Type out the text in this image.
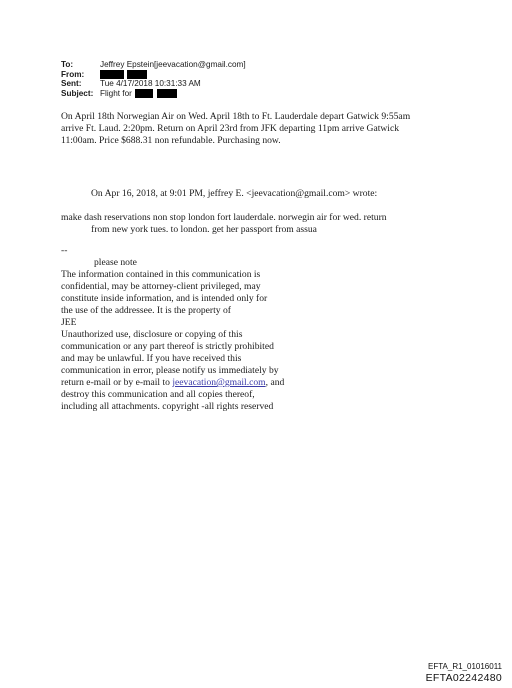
To:	Jeffrey Epstein[jeevacation@gmail.com]
From:
Sent:	Tue 4/17/2018 10:31:33 AM
Subject: Flight for
On April 18th Norwegian Air on Wed. April 18th to Ft. Lauderdale depart Gatwick 9:55am
arrive Ft. Laud. 2:20pm. Return on April 23rd from JFK departing 11pm arrive Gatwick
11:00am. Price $688.31 non refundable. Purchasing now.
On Apr 16, 2018, at 9:01 PM, jeffrey E. <jeevacation@gmail.com> wrote:
make dash reservations non stop london fort lauderdale. norwegin air for wed. return
from new york tues. to london. get her passport from assua
--
please note
The information contained in this communication is
confidential, may be attorney-client privileged, may
constitute inside information, and is intended only for
the use of the addressee. It is the property of
JEE
Unauthorized use, disclosure or copying of this
communication or any part thereof is strictly prohibited
and may be unlawful. If you have received this
communication in error, please notify us immediately by
return e-mail or by e-mail to jeevacation@gmail.com, and
destroy this communication and all copies thereof,
including all attachments. copyright -all rights reserved
EFTA_R1_01016011
EFTA02242480
